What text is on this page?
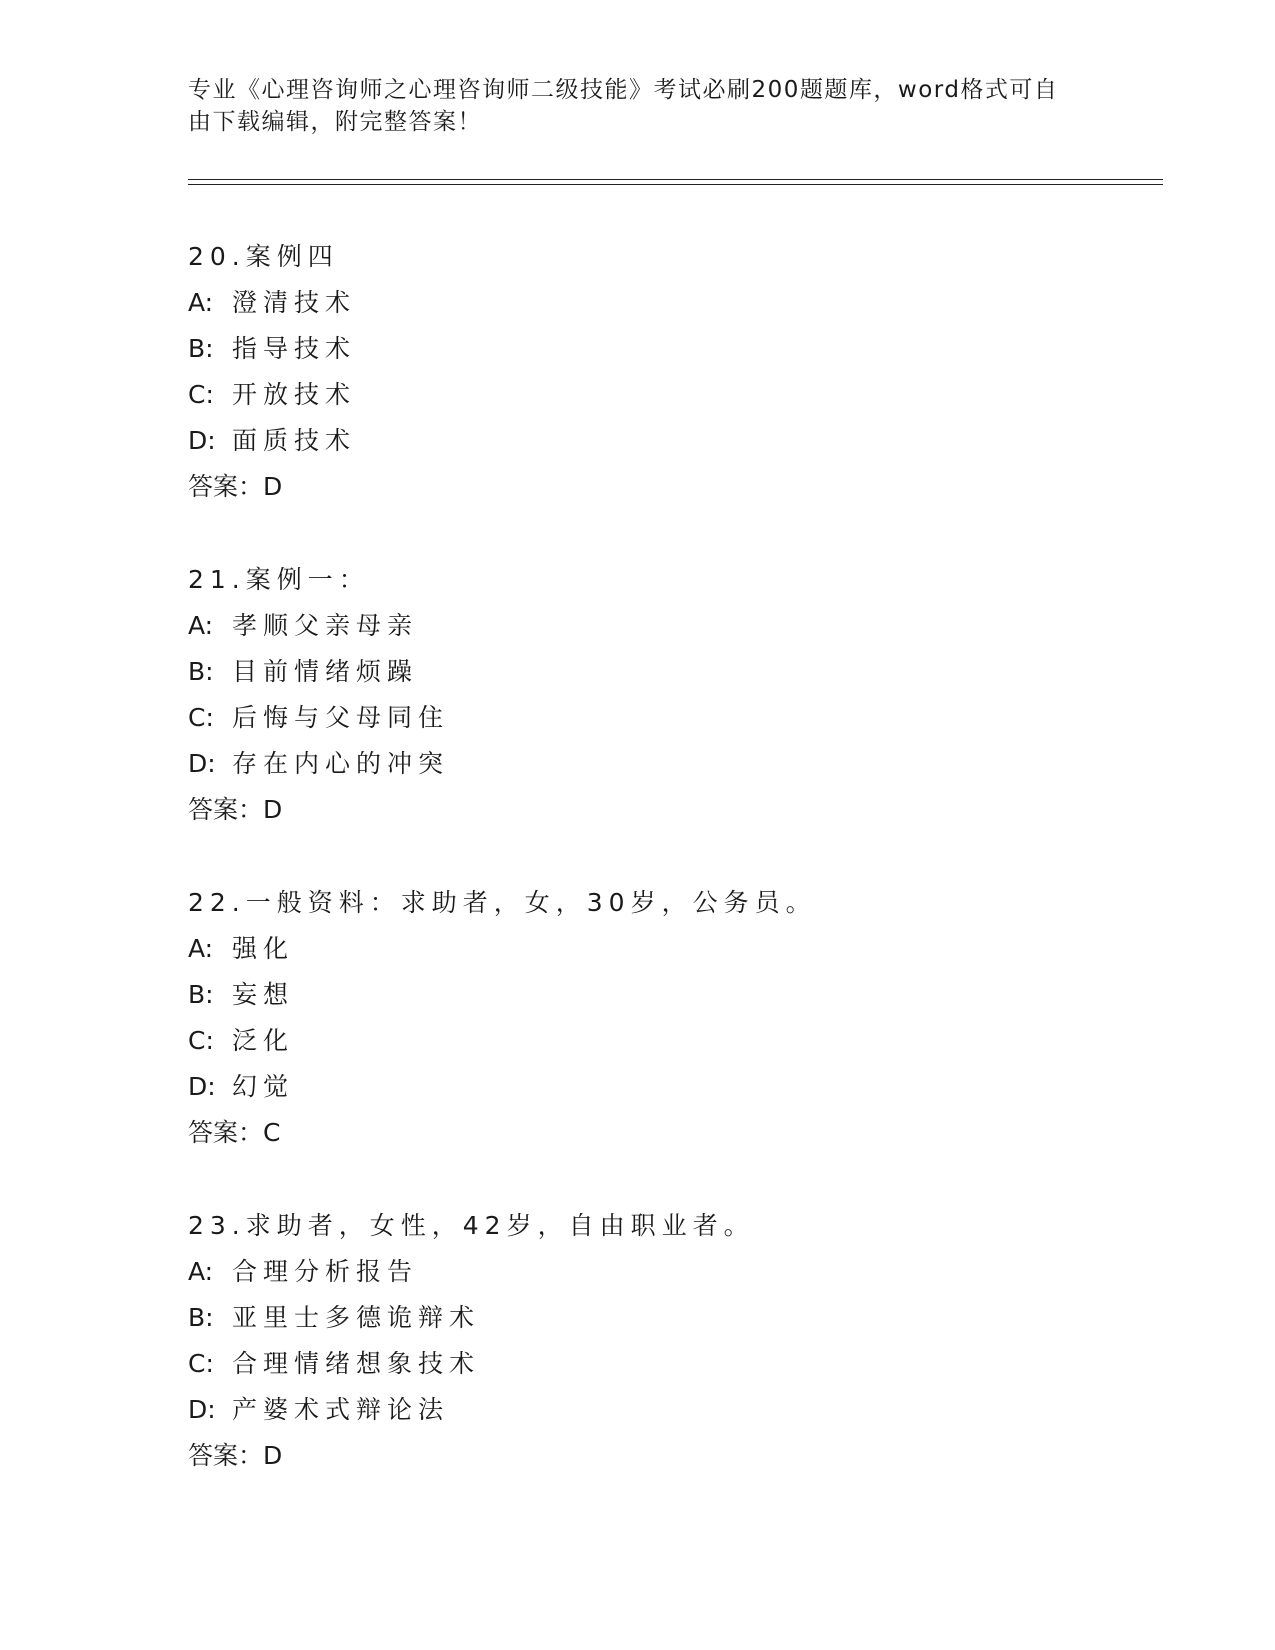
专业《心理咨询师之心理咨询师二级技能》考试必刷200题题库，word格式可自由下载编辑，附完整答案！
20.案例四
A: 澄清技术
B: 指导技术
C: 开放技术
D: 面质技术
答案：D
21.案例一：
A: 孝顺父亲母亲
B: 目前情绪烦躁
C: 后悔与父母同住
D: 存在内心的冲突
答案：D
22.一般资料：求助者，女，30岁，公务员。
A: 强化
B: 妄想
C: 泛化
D: 幻觉
答案：C
23.求助者，女性，42岁，自由职业者。
A: 合理分析报告
B: 亚里士多德诡辩术
C: 合理情绪想象技术
D: 产婆术式辩论法
答案：D
